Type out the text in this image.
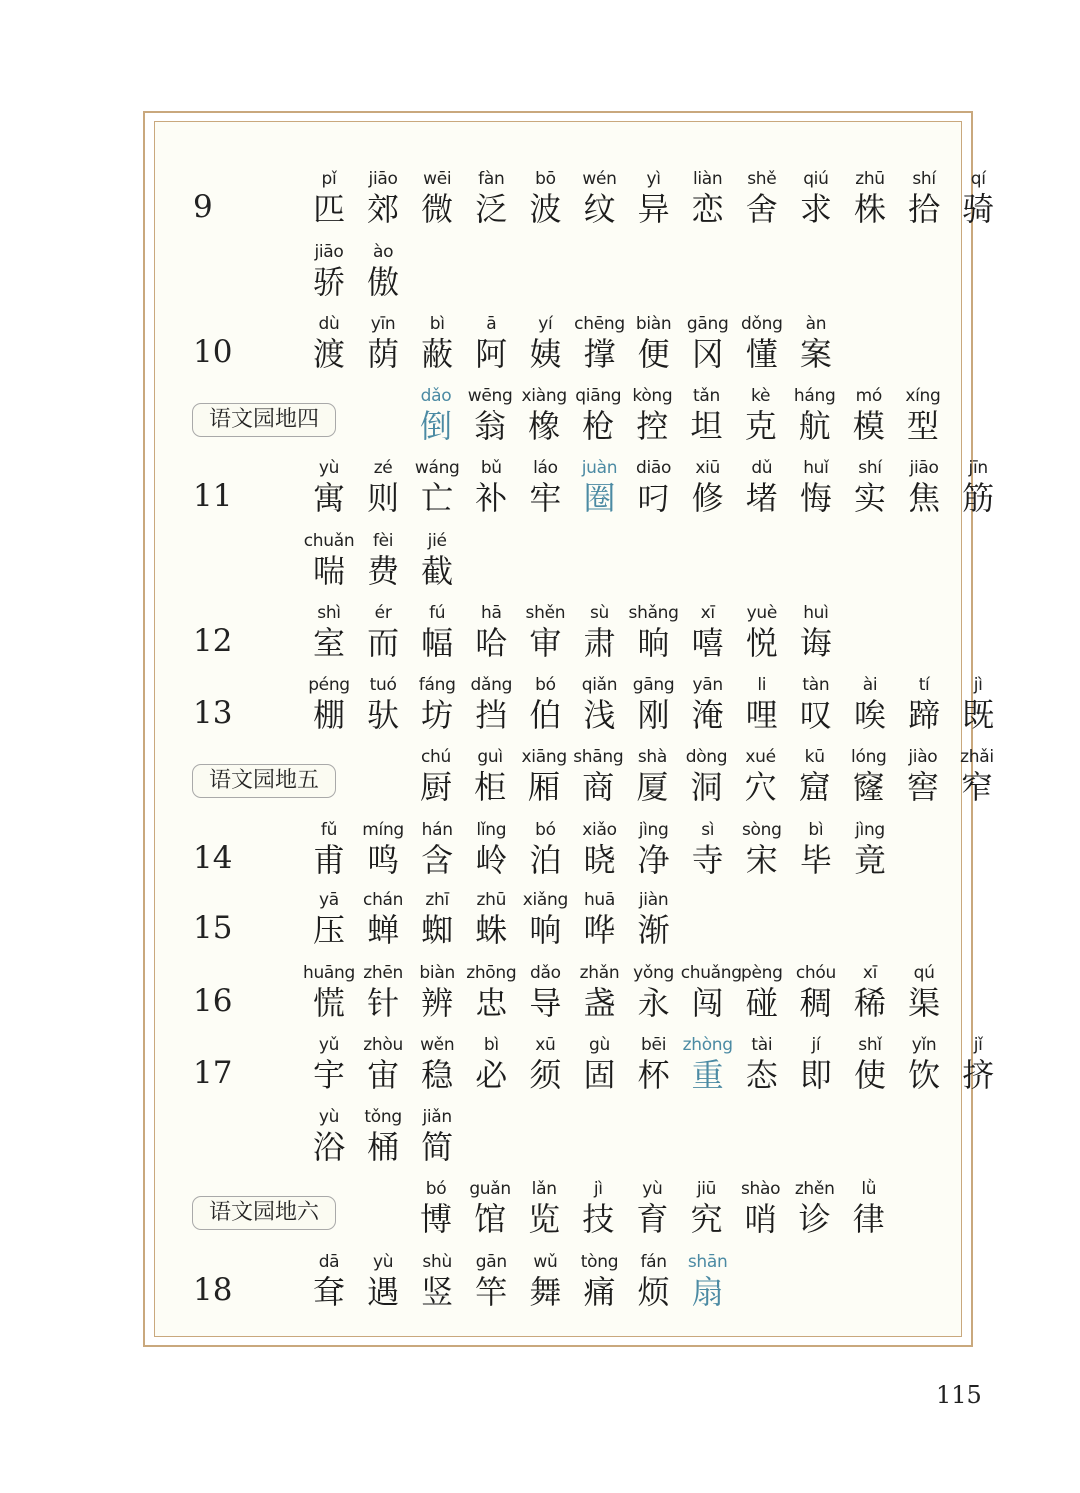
9
pǐ
匹
jiāo
郊
wēi
微
fàn
泛
bō
波
wén
纹
yì
异
liàn
恋
shě
舍
qiú
求
zhū
株
shí
拾
qí
骑
jiāo
骄
ào
傲
10
dù
渡
yīn
荫
bì
蔽
ā
阿
yí
姨
chēng
撑
biàn
便
gāng
冈
dǒng
懂
àn
案
语文园地四
dǎo
倒
wēng
翁
xiàng
橡
qiāng
枪
kòng
控
tǎn
坦
kè
克
háng
航
mó
模
xíng
型
11
yù
寓
zé
则
wáng
亡
bǔ
补
láo
牢
juàn
圈
diāo
叼
xiū
修
dǔ
堵
huǐ
悔
shí
实
jiāo
焦
jīn
筋
chuǎn
喘
fèi
费
jié
截
12
shì
室
ér
而
fú
幅
hā
哈
shěn
审
sù
肃
shǎng
晌
xī
嘻
yuè
悦
huì
诲
13
péng
棚
tuó
驮
fáng
坊
dǎng
挡
bó
伯
qiǎn
浅
gāng
刚
yān
淹
li
哩
tàn
叹
ài
唉
tí
蹄
jì
既
语文园地五
chú
厨
guì
柜
xiāng
厢
shāng
商
shà
厦
dòng
洞
xué
穴
kū
窟
lóng
窿
jiào
窖
zhǎi
窄
14
fǔ
甫
míng
鸣
hán
含
lǐng
岭
bó
泊
xiǎo
晓
jìng
净
sì
寺
sòng
宋
bì
毕
jìng
竟
15
yā
压
chán
蝉
zhī
蜘
zhū
蛛
xiǎng
响
huā
哗
jiàn
渐
16
huāng
慌
zhēn
针
biàn
辨
zhōng
忠
dǎo
导
zhǎn
盏
yǒng
永
chuǎng
闯
pèng
碰
chóu
稠
xī
稀
qú
渠
17
yǔ
宇
zhòu
宙
wěn
稳
bì
必
xū
须
gù
固
bēi
杯
zhòng
重
tài
态
jí
即
shǐ
使
yǐn
饮
jǐ
挤
yù
浴
tǒng
桶
jiǎn
简
语文园地六
bó
博
guǎn
馆
lǎn
览
jì
技
yù
育
jiū
究
shào
哨
zhěn
诊
lǜ
律
18
dā
耷
yù
遇
shù
竖
gān
竿
wǔ
舞
tòng
痛
fán
烦
shān
扇
115
